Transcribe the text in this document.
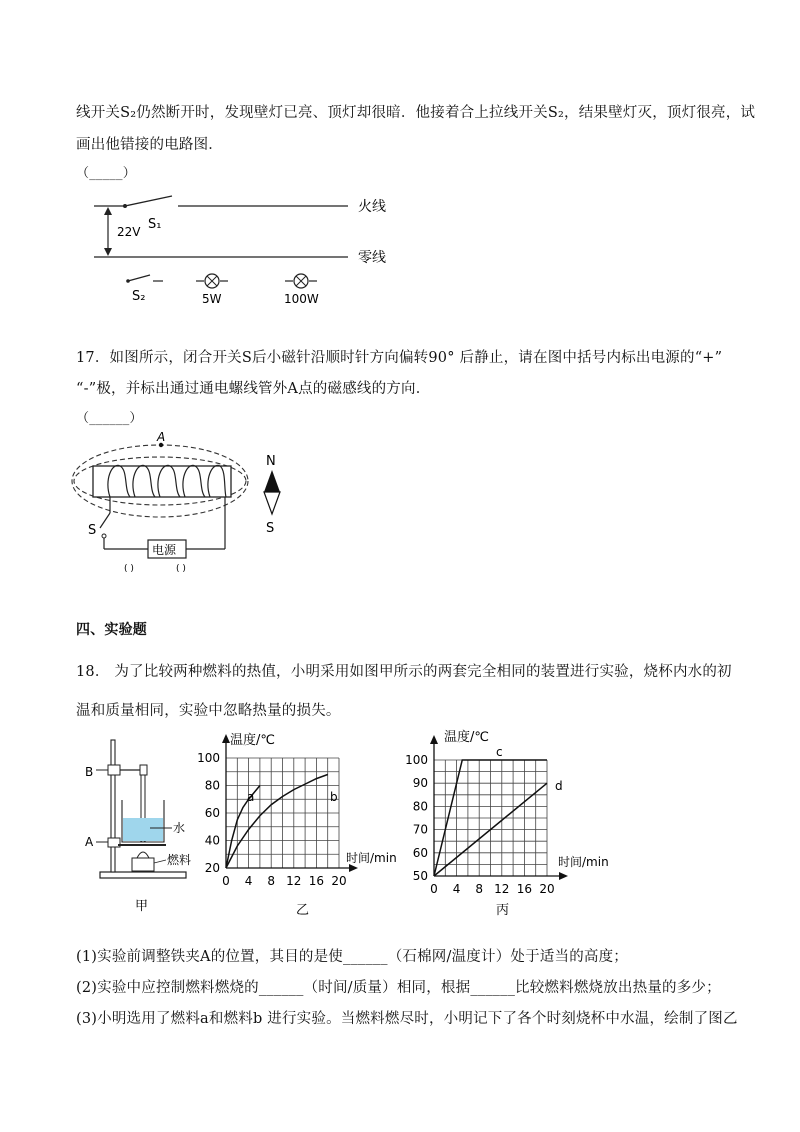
线开关S₂仍然断开时，发现壁灯已亮、顶灯却很暗．他接着合上拉线开关S₂，结果壁灯灭，顶灯很亮，试
画出他错接的电路图．
（_____）
22V S₁
火线
零线
S₂	5W	100W
17．如图所示，闭合开关S后小磁针沿顺时针方向偏转90° 后静止，请在图中括号内标出电源的“+”
“-”极，并标出通过通电螺线管外A点的磁感线的方向．
（______）
A
S
电源
( )	( )
N
S
四、实验题
18． 为了比较两种燃料的热值，小明采用如图甲所示的两套完全相同的装置进行实验，烧杯内水的初
温和质量相同，实验中忽略热量的损失。
B
水
A
燃料
甲
温度/℃
时间/min
0 4 8 12 16 20
20
40
60
80
100
a	b
乙
温度/℃
时间/min
0 4 8 12 16 20
50
60
70
80
90
100
c
d
丙
(1)实验前调整铁夹A的位置，其目的是使______（石棉网/温度计）处于适当的高度；
(2)实验中应控制燃料燃烧的______（时间/质量）相同，根据______比较燃料燃烧放出热量的多少；
(3)小明选用了燃料a和燃料b 进行实验。当燃料燃尽时，小明记下了各个时刻烧杯中水温，绘制了图乙
